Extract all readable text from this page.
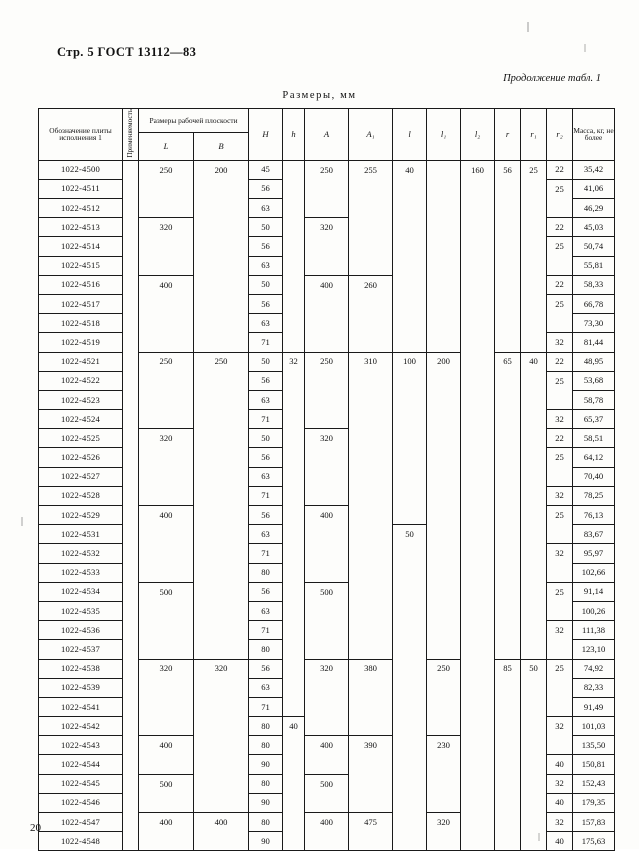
Стр. 5 ГОСТ 13112—83
Продолжение табл. 1
Размеры, мм
Обозначение плиты исполнения 1	Применяемость	Размеры рабочей плоскости		H	h	A	A₁	l	l₁	l₂	r	r₁	r₂	Масса, кг, не более
		L	B											
1022-4500		250	200	45		250	255	40		160	56	25	22	35,42
1022-4511				56									25	41,06
1022-4512				63										46,29
1022-4513		320		50		320							22	45,03
1022-4514				56									25	50,74
1022-4515				63										55,81
1022-4516		400		50		400	260						22	58,33
1022-4517				56									25	66,78
1022-4518				63										73,30
1022-4519				71									32	81,44
1022-4521		250	250	50	32	250	310	100	200		65	40	22	48,95
1022-4522				56									25	53,68
1022-4523				63										58,78
1022-4524				71									32	65,37
1022-4525		320		50		320							22	58,51
1022-4526				56									25	64,12
1022-4527				63										70,40
1022-4528				71									32	78,25
1022-4529		400		56		400							25	76,13
1022-4531				63				50						83,67
1022-4532				71									32	95,97
1022-4533				80										102,66
1022-4534		500		56		500							25	91,14
1022-4535				63										100,26
1022-4536				71									32	111,38
1022-4537				80										123,10
1022-4538		320	320	56		320	380		250		85	50	25	74,92
1022-4539				63										82,33
1022-4541				71										91,49
1022-4542				80	40								32	101,03
1022-4543		400		80		400	390		230					135,50
1022-4544				90									40	150,81
1022-4545		500		80		500							32	152,43
1022-4546				90									40	179,35
1022-4547		400	400	80		400	475		320				32	157,83
1022-4548				90									40	175,63
20
